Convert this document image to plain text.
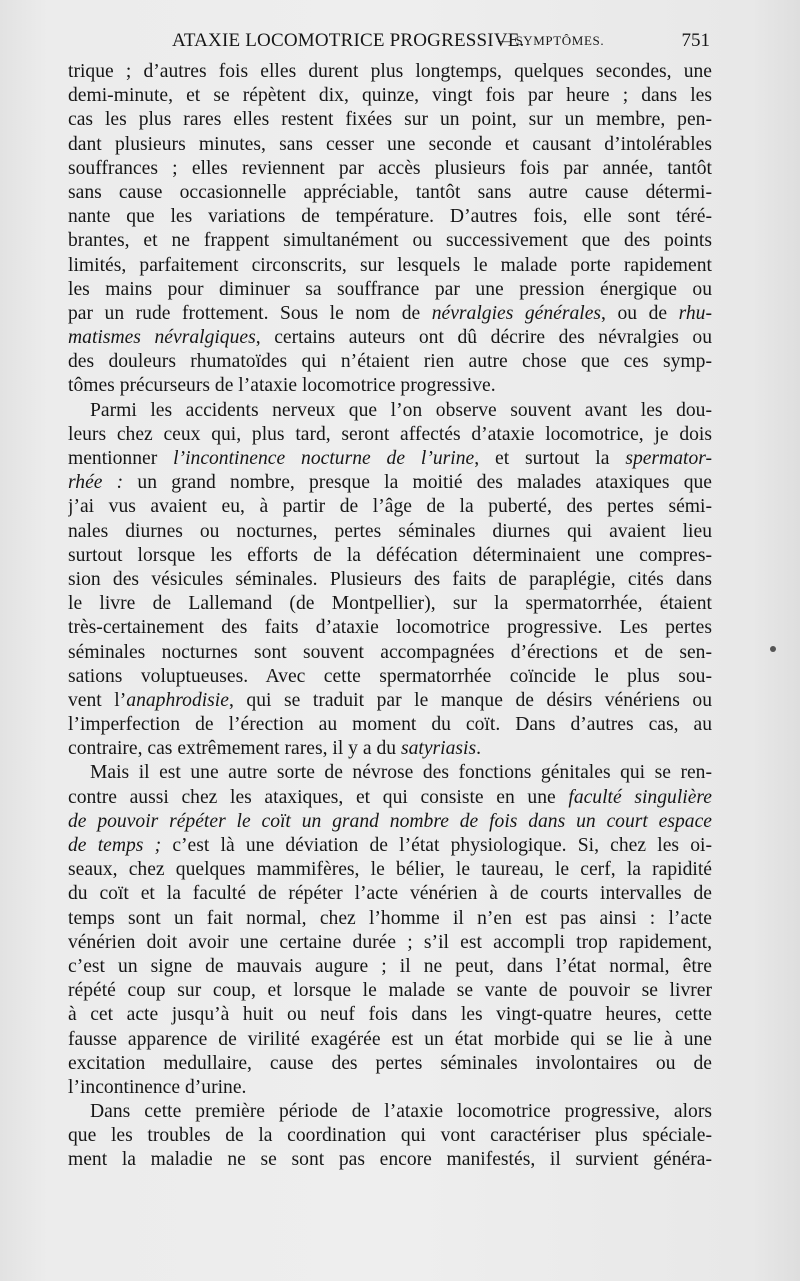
ATAXIE LOCOMOTRICE PROGRESSIVE.
— SYMPTÔMES.	751
trique ; d’autres fois elles durent plus longtemps, quelques secondes, une
demi-minute, et se répètent dix, quinze, vingt fois par heure ; dans les
cas les plus rares elles restent fixées sur un point, sur un membre, pen-
dant plusieurs minutes, sans cesser une seconde et causant d’intolérables
souffrances ; elles reviennent par accès plusieurs fois par année, tantôt
sans cause occasionnelle appréciable, tantôt sans autre cause détermi-
nante que les variations de température. D’autres fois, elle sont téré-
brantes, et ne frappent simultanément ou successivement que des points
limités, parfaitement circonscrits, sur lesquels le malade porte rapidement
les mains pour diminuer sa souffrance par une pression énergique ou
par un rude frottement. Sous le nom de névralgies générales, ou de rhu-
matismes névralgiques, certains auteurs ont dû décrire des névralgies ou
des douleurs rhumatoïdes qui n’étaient rien autre chose que ces symp-
tômes précurseurs de l’ataxie locomotrice progressive.
Parmi les accidents nerveux que l’on observe souvent avant les dou-
leurs chez ceux qui, plus tard, seront affectés d’ataxie locomotrice, je dois
mentionner l’incontinence nocturne de l’urine, et surtout la spermator-
rhée : un grand nombre, presque la moitié des malades ataxiques que
j’ai vus avaient eu, à partir de l’âge de la puberté, des pertes sémi-
nales diurnes ou nocturnes, pertes séminales diurnes qui avaient lieu
surtout lorsque les efforts de la défécation déterminaient une compres-
sion des vésicules séminales. Plusieurs des faits de paraplégie, cités dans
le livre de Lallemand (de Montpellier), sur la spermatorrhée, étaient
très-certainement des faits d’ataxie locomotrice progressive. Les pertes
séminales nocturnes sont souvent accompagnées d’érections et de sen-
sations voluptueuses. Avec cette spermatorrhée coïncide le plus sou-
vent l’anaphrodisie, qui se traduit par le manque de désirs vénériens ou
l’imperfection de l’érection au moment du coït. Dans d’autres cas, au
contraire, cas extrêmement rares, il y a du satyriasis.
Mais il est une autre sorte de névrose des fonctions génitales qui se ren-
contre aussi chez les ataxiques, et qui consiste en une faculté singulière
de pouvoir répéter le coït un grand nombre de fois dans un court espace
de temps ; c’est là une déviation de l’état physiologique. Si, chez les oi-
seaux, chez quelques mammifères, le bélier, le taureau, le cerf, la rapidité
du coït et la faculté de répéter l’acte vénérien à de courts intervalles de
temps sont un fait normal, chez l’homme il n’en est pas ainsi : l’acte
vénérien doit avoir une certaine durée ; s’il est accompli trop rapidement,
c’est un signe de mauvais augure ; il ne peut, dans l’état normal, être
répété coup sur coup, et lorsque le malade se vante de pouvoir se livrer
à cet acte jusqu’à huit ou neuf fois dans les vingt-quatre heures, cette
fausse apparence de virilité exagérée est un état morbide qui se lie à une
excitation medullaire, cause des pertes séminales involontaires ou de
l’incontinence d’urine.
Dans cette première période de l’ataxie locomotrice progressive, alors
que les troubles de la coordination qui vont caractériser plus spéciale-
ment la maladie ne se sont pas encore manifestés, il survient généra-
